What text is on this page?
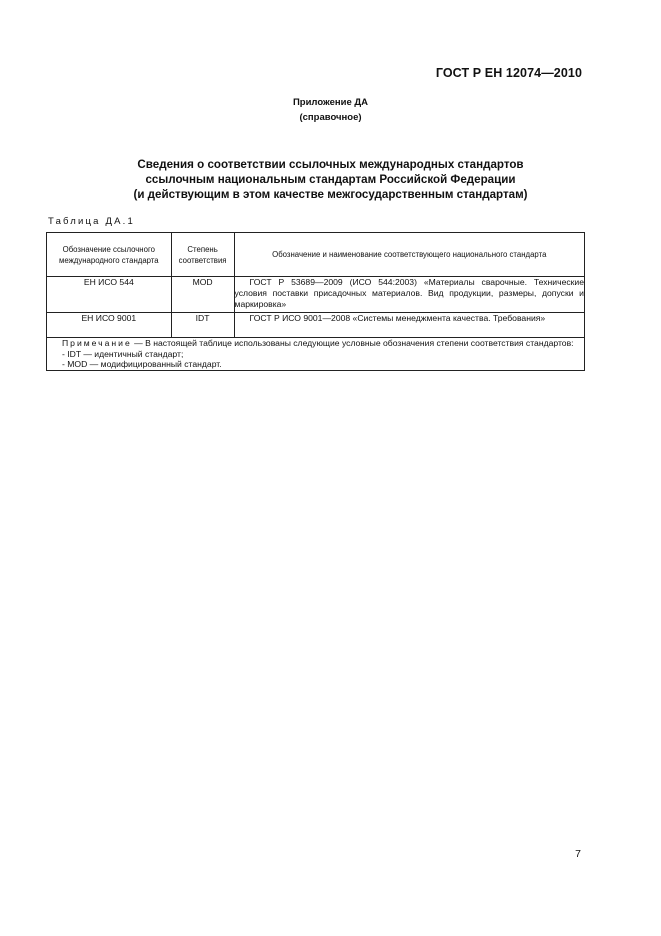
ГОСТ Р ЕН 12074—2010
Приложение ДА
(справочное)
Сведения о соответствии ссылочных международных стандартов
ссылочным национальным стандартам Российской Федерации
(и действующим в этом качестве межгосударственным стандартам)
Таблица ДА.1
Обозначение ссылочного международного стандарта	Степень соответствия	Обозначение и наименование соответствующего национального стандарта
ЕН ИСО 544	MOD	ГОСТ Р 53689—2009 (ИСО 544:2003) «Материалы сварочные. Технические условия поставки присадочных материалов. Вид продукции, размеры, допуски и маркировка»
ЕН ИСО 9001	IDT	ГОСТ Р ИСО 9001—2008 «Системы менеджмента качества. Требования»

Примечание — В настоящей таблице использованы следующие условные обозначения степени соответствия стандартов:
- IDT — идентичный стандарт;
- MOD — модифицированный стандарт.		
7
